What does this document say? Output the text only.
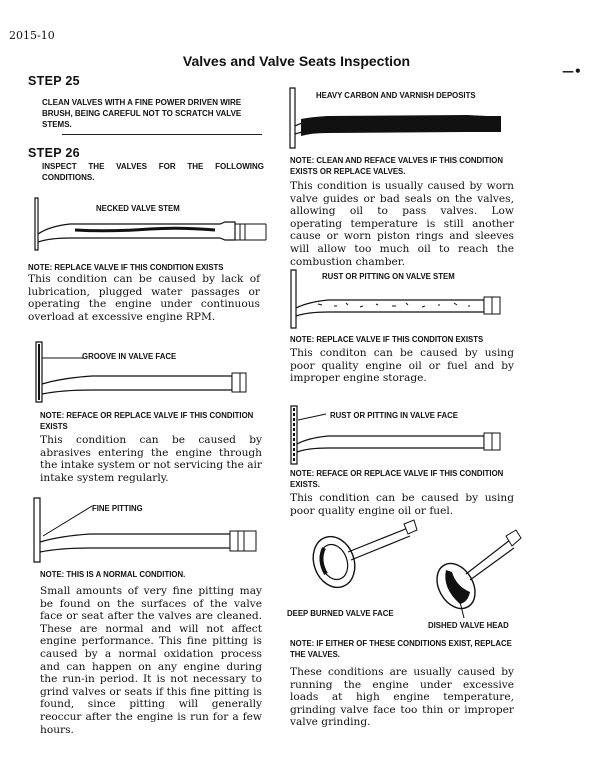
2015-10
Valves and Valve Seats Inspection
—•
STEP 25
CLEAN VALVES WITH A FINE POWER DRIVEN WIRE BRUSH, BEING CAREFUL NOT TO SCRATCH VALVE STEMS.
STEP 26
INSPECT THE VALVES FOR THE FOLLOWING CONDITIONS.
NECKED VALVE STEM
NOTE: REPLACE VALVE IF THIS CONDITION EXISTS
This condition can be caused by lack of lubrication, plugged water passages or operating the engine under continuous overload at excessive engine RPM.
GROOVE IN VALVE FACE
NOTE: REFACE OR REPLACE VALVE IF THIS CONDITION EXISTS
This condition can be caused by abrasives entering the engine through the intake system or not servicing the air intake system regularly.
FINE PITTING
NOTE: THIS IS A NORMAL CONDITION.
Small amounts of very fine pitting may be found on the surfaces of the valve face or seat after the valves are cleaned. These are normal and will not affect engine performance. This fine pitting is caused by a normal oxidation process and can happen on any engine during the run-in period. It is not necessary to grind valves or seats if this fine pitting is found, since pitting will generally reoccur after the engine is run for a few hours.
HEAVY CARBON AND VARNISH DEPOSITS
NOTE: CLEAN AND REFACE VALVES IF THIS CONDITION EXISTS OR REPLACE VALVES.
This condition is usually caused by worn valve guides or bad seals on the valves, allowing oil to pass valves. Low operating temperature is still another cause or worn piston rings and sleeves will allow too much oil to reach the combustion chamber.
RUST OR PITTING ON VALVE STEM
NOTE: REPLACE VALVE IF THIS CONDITON EXISTS
This conditon can be caused by using poor quality engine oil or fuel and by improper engine storage.
RUST OR PITTING IN VALVE FACE
NOTE: REFACE OR REPLACE VALVE IF THIS CONDITION EXISTS.
This condition can be caused by using poor quality engine oil or fuel.
DEEP BURNED VALVE FACE
DISHED VALVE HEAD
NOTE: IF EITHER OF THESE CONDITIONS EXIST, REPLACE THE VALVES.
These conditions are usually caused by running the engine under excessive loads at high engine temperature, grinding valve face too thin or improper valve grinding.
